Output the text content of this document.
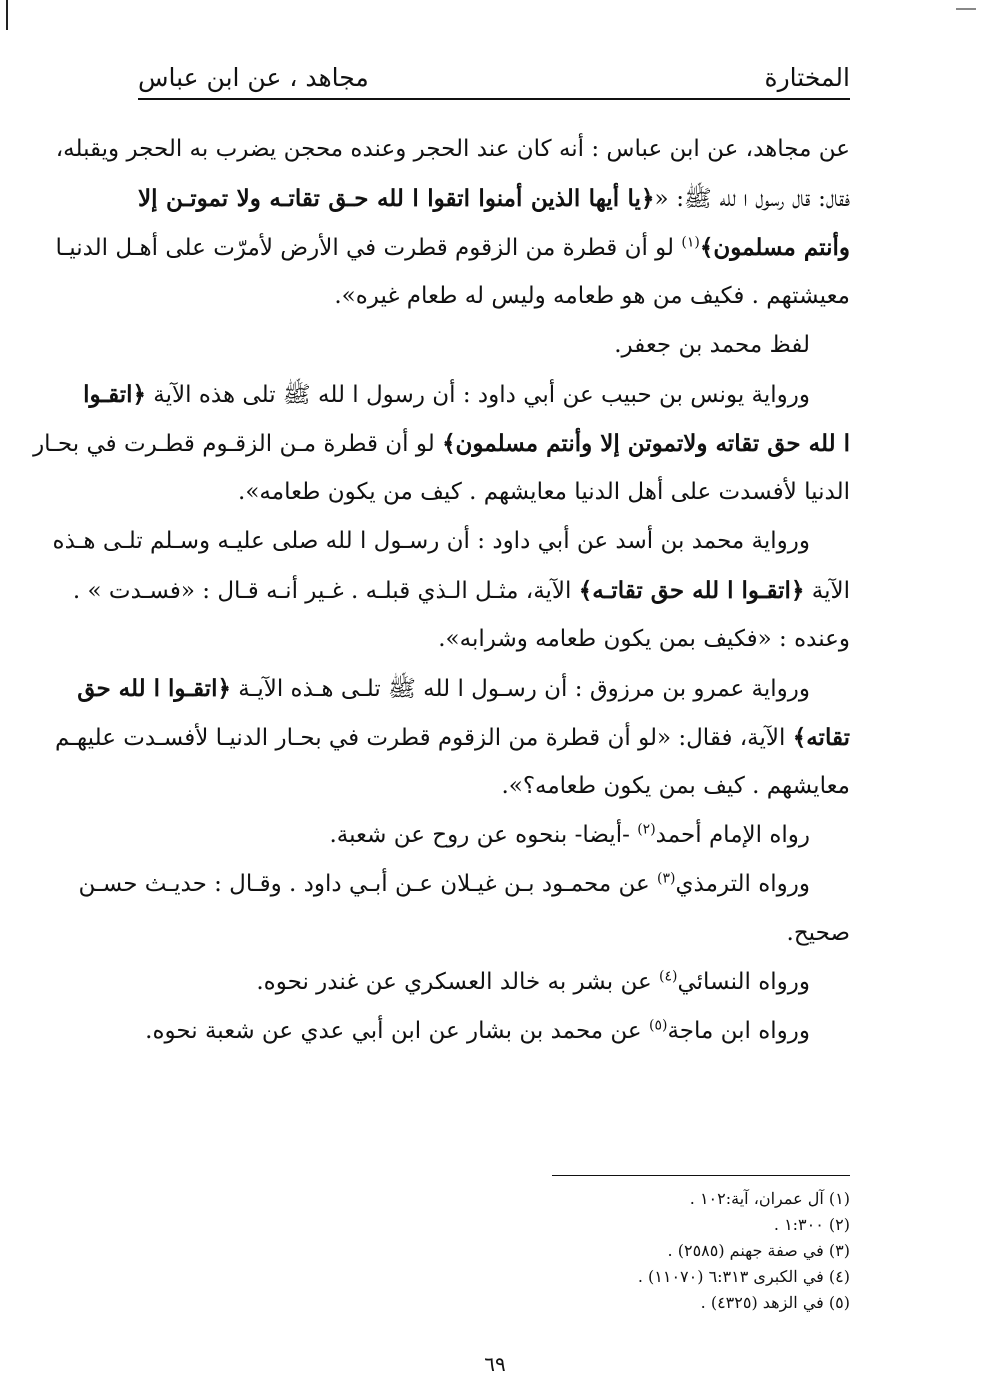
المختارة
مجاهد ، عن ابن عباس
عن مجاهد، عن ابن عباس : أنه كان عند الحجر وعنده محجن يضرب به الحجر ويقبله،
فقال: قال رسول ا لله ﷺ: «﴿يا أيها الذين أمنوا اتقوا ا لله حـق تقاتـه ولا تموتـن إلا
وأنتم مسلمون﴾$^{(١)}$ لو أن قطرة من الزقوم قطرت في الأرض لأمرّت على أهـل الدنيـا
معيشتهم . فكيف من هو طعامه وليس له طعام غيره».
لفظ محمد بن جعفر.
ورواية يونس بن حبيب عن أبي داود : أن رسول ا لله ﷺ تلى هذه الآية ﴿اتقـوا
ا لله حق تقاته ولاتموتن إلا وأنتم مسلمون﴾ لو أن قطرة مـن الزقـوم قطـرت في بحـار
الدنيا لأفسدت على أهل الدنيا معايشهم . كيف من يكون طعامه».
ورواية محمد بن أسد عن أبي داود : أن رسـول ا لله صلى عليـه وسـلم تلـى هـذه
الآية ﴿اتقـوا ا لله حق تقاتـه﴾ الآية، مثـل الـذي قبلـه . غـير أنـه قـال : «فسـدت » .
وعنده : «فكيف بمن يكون طعامه وشرابه».
ورواية عمرو بن مرزوق : أن رسـول ا لله ﷺ تلـى هـذه الآيـة ﴿اتقـوا ا لله حق
تقاته﴾ الآية، فقال: «لو أن قطرة من الزقوم قطرت في بحـار الدنيـا لأفسـدت عليهـم
معايشهم . كيف بمن يكون طعامه؟».
رواه الإمام أحمد$^{(٢)}$ -أيضا- بنحوه عن روح عن شعبة.
ورواه الترمذي$^{(٣)}$ عن محمـود بـن غيـلان عـن أبـي داود . وقـال : حديـث حسـن
صحيح.
ورواه النسائي$^{(٤)}$ عن بشر به خالد العسكري عن غندر نحوه.
ورواه ابن ماجة$^{(٥)}$ عن محمد بن بشار عن ابن أبي عدي عن شعبة نحوه.
(١) آل عمران، آية:١٠٢ .
(٢) ١:٣٠٠ .
(٣) في صفة جهنم (٢٥٨٥) .
(٤) في الكبرى ٦:٣١٣ (١١٠٧٠) .
(٥) في الزهد (٤٣٢٥) .
٦٩
